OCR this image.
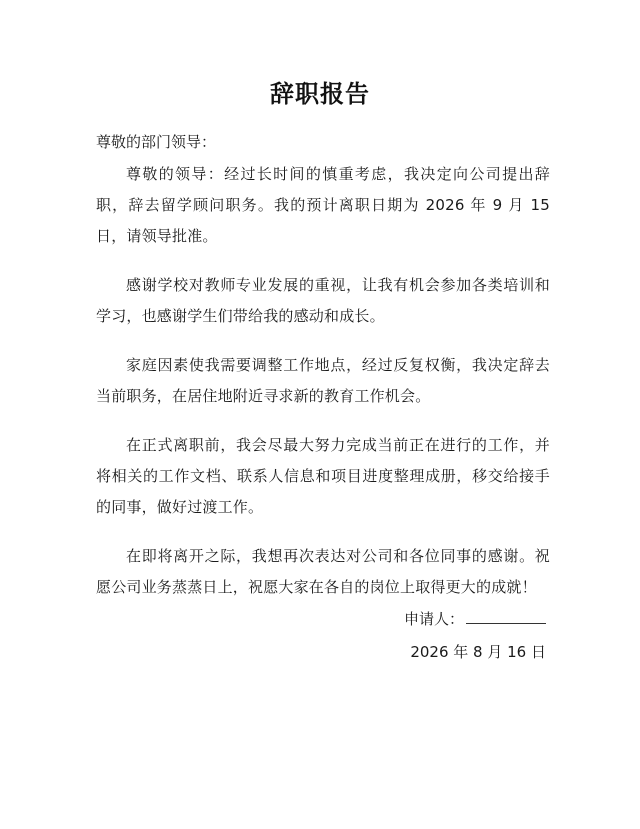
辞职报告

尊敬的部门领导：

尊敬的领导：经过长时间的慎重考虑，我决定向公司提出辞职，辞去留学顾问职务。我的预计离职日期为 2026 年 9 月 15 日，请领导批准。

感谢学校对教师专业发展的重视，让我有机会参加各类培训和学习，也感谢学生们带给我的感动和成长。

家庭因素使我需要调整工作地点，经过反复权衡，我决定辞去当前职务，在居住地附近寻求新的教育工作机会。

在正式离职前，我会尽最大努力完成当前正在进行的工作，并将相关的工作文档、联系人信息和项目进度整理成册，移交给接手的同事，做好过渡工作。

在即将离开之际，我想再次表达对公司和各位同事的感谢。祝愿公司业务蒸蒸日上，祝愿大家在各自的岗位上取得更大的成就！

申请人：
2026 年 8 月 16 日
